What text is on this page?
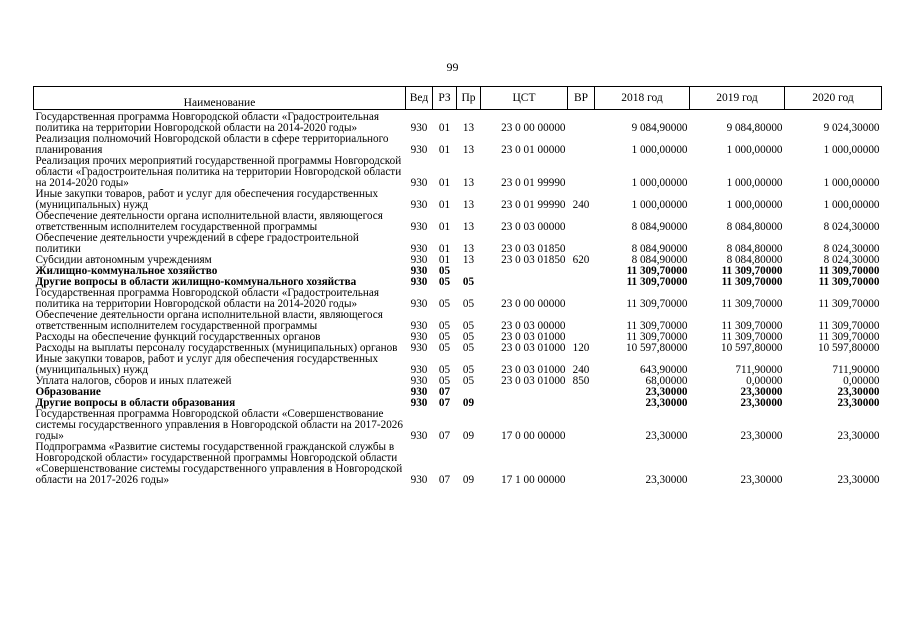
99
Наименование	Вед	РЗ	Пр	ЦСТ	ВР	2018 год	2019 год	2020 год
Государственная программа Новгородской области «Градостроительная политика на территории Новгородской области на 2014-2020 годы»	930	01	13	23 0 00 00000		9 084,90000	9 084,80000	9 024,30000
Реализация полномочий Новгородской области в сфере территориального планирования	930	01	13	23 0 01 00000		1 000,00000	1 000,00000	1 000,00000
Реализация прочих мероприятий государственной программы Новгородской области «Градостроительная политика на территории Новгородской области на 2014-2020 годы»	930	01	13	23 0 01 99990		1 000,00000	1 000,00000	1 000,00000
Иные закупки товаров, работ и услуг для обеспечения государственных (муниципальных) нужд	930	01	13	23 0 01 99990	240	1 000,00000	1 000,00000	1 000,00000
Обеспечение деятельности органа исполнительной власти, являющегося ответственным исполнителем государственной программы	930	01	13	23 0 03 00000		8 084,90000	8 084,80000	8 024,30000
Обеспечение деятельности учреждений в сфере градостроительной политики	930	01	13	23 0 03 01850		8 084,90000	8 084,80000	8 024,30000
Субсидии автономным учреждениям	930	01	13	23 0 03 01850	620	8 084,90000	8 084,80000	8 024,30000
Жилищно-коммунальное хозяйство	930	05				11 309,70000	11 309,70000	11 309,70000
Другие вопросы в области жилищно-коммунального хозяйства	930	05	05			11 309,70000	11 309,70000	11 309,70000
Государственная программа Новгородской области «Градостроительная политика на территории Новгородской области на 2014-2020 годы»	930	05	05	23 0 00 00000		11 309,70000	11 309,70000	11 309,70000
Обеспечение деятельности органа исполнительной власти, являющегося ответственным исполнителем государственной программы	930	05	05	23 0 03 00000		11 309,70000	11 309,70000	11 309,70000
Расходы на обеспечение функций государственных органов	930	05	05	23 0 03 01000		11 309,70000	11 309,70000	11 309,70000
Расходы на выплаты персоналу государственных (муниципальных) органов	930	05	05	23 0 03 01000	120	10 597,80000	10 597,80000	10 597,80000
Иные закупки товаров, работ и услуг для обеспечения государственных (муниципальных) нужд	930	05	05	23 0 03 01000	240	643,90000	711,90000	711,90000
Уплата налогов, сборов и иных платежей	930	05	05	23 0 03 01000	850	68,00000	0,00000	0,00000
Образование	930	07				23,30000	23,30000	23,30000
Другие вопросы в области образования	930	07	09			23,30000	23,30000	23,30000
Государственная программа Новгородской области «Совершенствование системы государственного управления в Новгородской области на 2017-2026 годы»	930	07	09	17 0 00 00000		23,30000	23,30000	23,30000
Подпрограмма «Развитие системы государственной гражданской службы в Новгородской области» государственной программы Новгородской области «Совершенствование системы государственного управления в Новгородской области на 2017-2026 годы»	930	07	09	17 1 00 00000		23,30000	23,30000	23,30000
